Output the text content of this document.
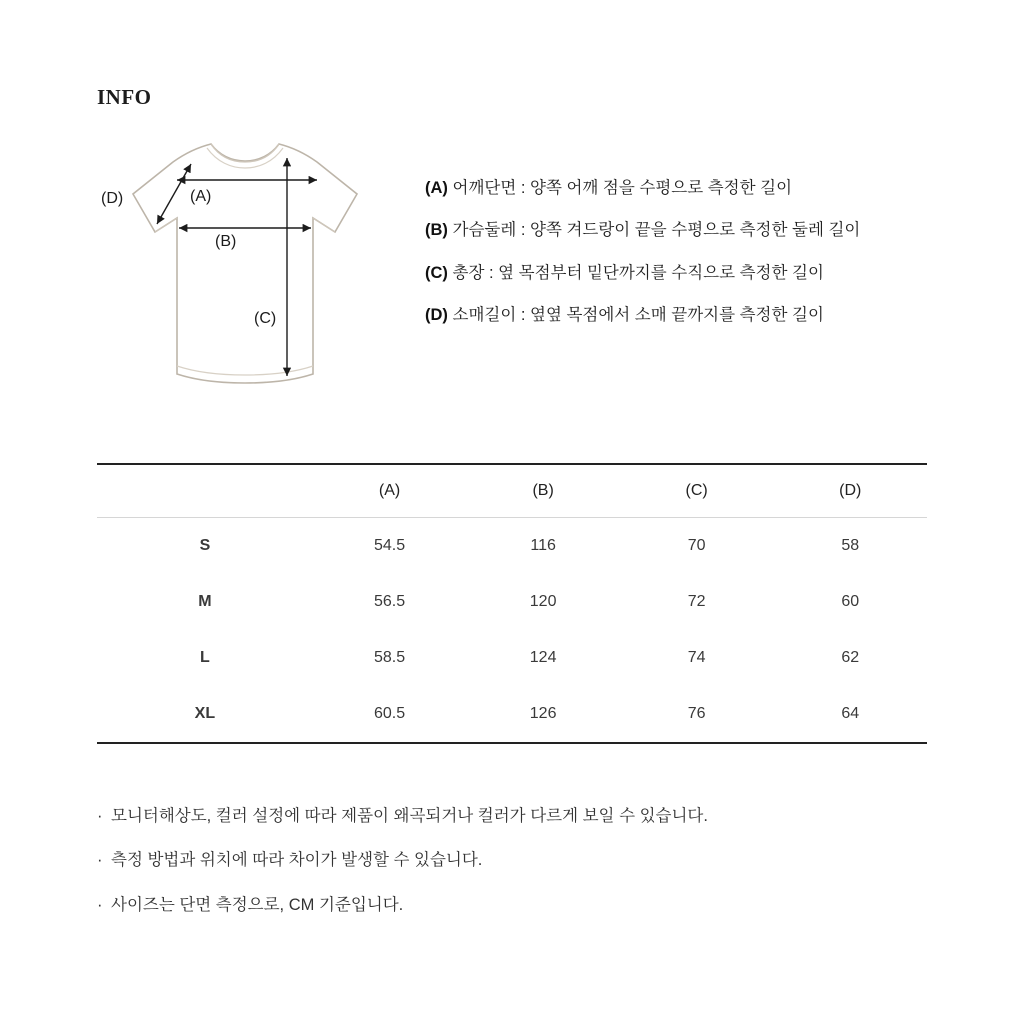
INFO
(D)	(A)
(B)
(C)
(A) 어깨단면 : 양쪽 어깨 점을 수평으로 측정한 길이
(B) 가슴둘레 : 양쪽 겨드랑이 끝을 수평으로 측정한 둘레 길이
(C) 총장 : 옆 목점부터 밑단까지를 수직으로 측정한 길이
(D) 소매길이 : 옆옆 목점에서 소매 끝까지를 측정한 길이
	(A)	(B)	(C)	(D)
S	54.5	116	70	58
M	56.5	120	72	60
L	58.5	124	74	62
XL	60.5	126	76	64
· 모니터해상도, 컬러 설정에 따라 제품이 왜곡되거나 컬러가 다르게 보일 수 있습니다.
· 측정 방법과 위치에 따라 차이가 발생할 수 있습니다.
· 사이즈는 단면 측정으로, CM 기준입니다.
